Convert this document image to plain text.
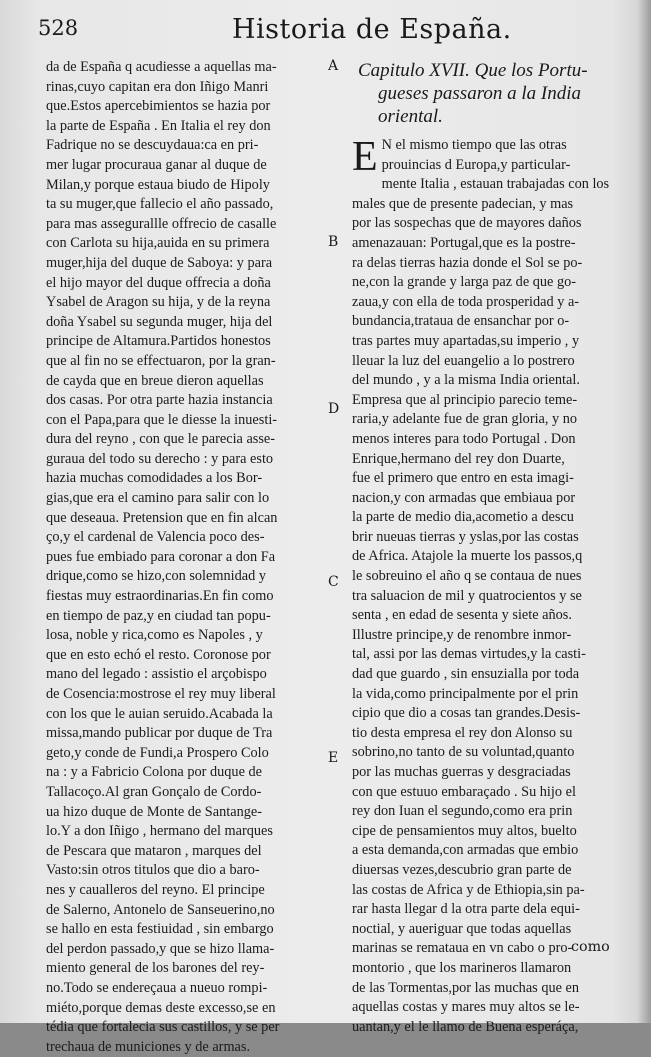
528	Historia de España.
da de España q acudiesse a aquellas ma-
rinas,cuyo capitan era don Iñigo Manri
que.Estos apercebimientos se hazia por
la parte de España . En Italia el rey don
Fadrique no se descuydaua:ca en pri-
mer lugar procuraua ganar al duque de
Milan,y porque estaua biudo de Hipoly
ta su muger,que fallecio el año passado,
para mas assegurallle offrecio de casalle
con Carlota su hija,auida en su primera
muger,hija del duque de Saboya: y para
el hijo mayor del duque offrecia a doña
Ysabel de Aragon su hija, y de la reyna
doña Ysabel su segunda muger, hija del
principe de Altamura.Partidos honestos
que al fin no se effectuaron, por la gran-
de cayda que en breue dieron aquellas
dos casas. Por otra parte hazia instancia
con el Papa,para que le diesse la inuesti-
dura del reyno , con que le parecia asse-
guraua del todo su derecho : y para esto
hazia muchas comodidades a los Bor-
gias,que era el camino para salir con lo
que deseaua. Pretension que en fin alcan
ço,y el cardenal de Valencia poco des-
pues fue embiado para coronar a don Fa
drique,como se hizo,con solemnidad y
fiestas muy estraordinarias.En fin como
en tiempo de paz,y en ciudad tan popu-
losa, noble y rica,como es Napoles , y
que en esto echó el resto. Coronose por
mano del legado : assistio el arçobispo
de Cosencia:mostrose el rey muy liberal
con los que le auian seruido.Acabada la
missa,mando publicar por duque de Tra
geto,y conde de Fundi,a Prospero Colo
na : y a Fabricio Colona por duque de
Tallacoço.Al gran Gonçalo de Cordo-
ua hizo duque de Monte de Santange-
lo.Y a don Iñigo , hermano del marques
de Pescara que mataron , marques del
Vasto:sin otros titulos que dio a baro-
nes y caualleros del reyno. El principe
de Salerno, Antonelo de Sanseuerino,no
se hallo en esta festiuidad , sin embargo
del perdon passado,y que se hizo llama-
miento general de los barones del rey-
no.Todo se endereçaua a nueuo rompi-
miéto,porque demas deste excesso,se en
tédia que fortalecia sus castillos, y se per
trechaua de municiones y de armas.
A
B
D
C
E
Capitulo XVII. Que los Portu-
gueses passaron a la India
oriental.
E N el mismo tiempo que las otras
prouincias d Europa,y particular-
mente Italia , estauan trabajadas con los
males que de presente padecian, y mas
por las sospechas que de mayores daños
amenazauan: Portugal,que es la postre-
ra delas tierras hazia donde el Sol se po-
ne,con la grande y larga paz de que go-
zaua,y con ella de toda prosperidad y a-
bundancia,trataua de ensanchar por o-
tras partes muy apartadas,su imperio , y
lleuar la luz del euangelio a lo postrero
del mundo , y a la misma India oriental.
Empresa que al principio parecio teme-
raria,y adelante fue de gran gloria, y no
menos interes para todo Portugal . Don
Enrique,hermano del rey don Duarte,
fue el primero que entro en esta imagi-
nacion,y con armadas que embiaua por
la parte de medio dia,acometio a descu
brir nueuas tierras y yslas,por las costas
de Africa. Atajole la muerte los passos,q
le sobreuino el año q se contaua de nues
tra saluacion de mil y quatrocientos y se
senta , en edad de sesenta y siete años.
Illustre principe,y de renombre inmor-
tal, assi por las demas virtudes,y la casti-
dad que guardo , sin ensuzialla por toda
la vida,como principalmente por el prin
cipio que dio a cosas tan grandes.Desis-
tio desta empresa el rey don Alonso su
sobrino,no tanto de su voluntad,quanto
por las muchas guerras y desgraciadas
con que estuuo embaraçado . Su hijo el
rey don Iuan el segundo,como era prin
cipe de pensamientos muy altos, bueltо
a esta demanda,con armadas que embio
diuersas vezes,descubrio gran parte de
las costas de Africa y de Ethiopia,sin pa-
rar hasta llegar d la otra parte dela equi-
noctial, y aueriguar que todas aquellas
marinas se remataua en vn cabo o pro-
montorio , que los marineros llamaron
de las Tormentas,por las muchas que en
aquellas costas y mares muy altos se le-
uantan,y el le llamo de Buena esperáça,
como
